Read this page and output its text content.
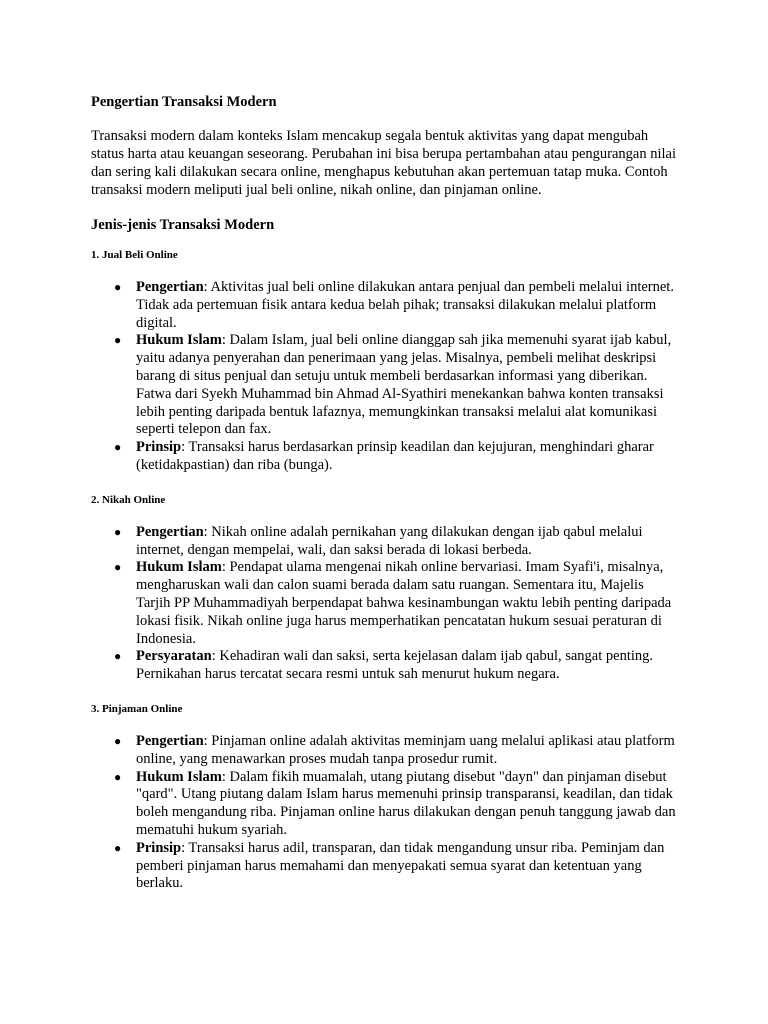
Pengertian Transaksi Modern

Transaksi modern dalam konteks Islam mencakup segala bentuk aktivitas yang dapat mengubah status harta atau keuangan seseorang. Perubahan ini bisa berupa pertambahan atau pengurangan nilai dan sering kali dilakukan secara online, menghapus kebutuhan akan pertemuan tatap muka. Contoh transaksi modern meliputi jual beli online, nikah online, dan pinjaman online.

Jenis-jenis Transaksi Modern
1. Jual Beli Online
● Pengertian: Aktivitas jual beli online dilakukan antara penjual dan pembeli melalui internet. Tidak ada pertemuan fisik antara kedua belah pihak; transaksi dilakukan melalui platform digital.
● Hukum Islam: Dalam Islam, jual beli online dianggap sah jika memenuhi syarat ijab kabul, yaitu adanya penyerahan dan penerimaan yang jelas. Misalnya, pembeli melihat deskripsi barang di situs penjual dan setuju untuk membeli berdasarkan informasi yang diberikan. Fatwa dari Syekh Muhammad bin Ahmad Al-Syathiri menekankan bahwa konten transaksi lebih penting daripada bentuk lafaznya, memungkinkan transaksi melalui alat komunikasi seperti telepon dan fax.
● Prinsip: Transaksi harus berdasarkan prinsip keadilan dan kejujuran, menghindari gharar (ketidakpastian) dan riba (bunga).
2. Nikah Online
● Pengertian: Nikah online adalah pernikahan yang dilakukan dengan ijab qabul melalui internet, dengan mempelai, wali, dan saksi berada di lokasi berbeda.
● Hukum Islam: Pendapat ulama mengenai nikah online bervariasi. Imam Syafi'i, misalnya, mengharuskan wali dan calon suami berada dalam satu ruangan. Sementara itu, Majelis Tarjih PP Muhammadiyah berpendapat bahwa kesinambungan waktu lebih penting daripada lokasi fisik. Nikah online juga harus memperhatikan pencatatan hukum sesuai peraturan di Indonesia.
● Persyaratan: Kehadiran wali dan saksi, serta kejelasan dalam ijab qabul, sangat penting. Pernikahan harus tercatat secara resmi untuk sah menurut hukum negara.
3. Pinjaman Online
● Pengertian: Pinjaman online adalah aktivitas meminjam uang melalui aplikasi atau platform online, yang menawarkan proses mudah tanpa prosedur rumit.
● Hukum Islam: Dalam fikih muamalah, utang piutang disebut "dayn" dan pinjaman disebut "qard". Utang piutang dalam Islam harus memenuhi prinsip transparansi, keadilan, dan tidak boleh mengandung riba. Pinjaman online harus dilakukan dengan penuh tanggung jawab dan mematuhi hukum syariah.
● Prinsip: Transaksi harus adil, transparan, dan tidak mengandung unsur riba. Peminjam dan pemberi pinjaman harus memahami dan menyepakati semua syarat dan ketentuan yang berlaku.
